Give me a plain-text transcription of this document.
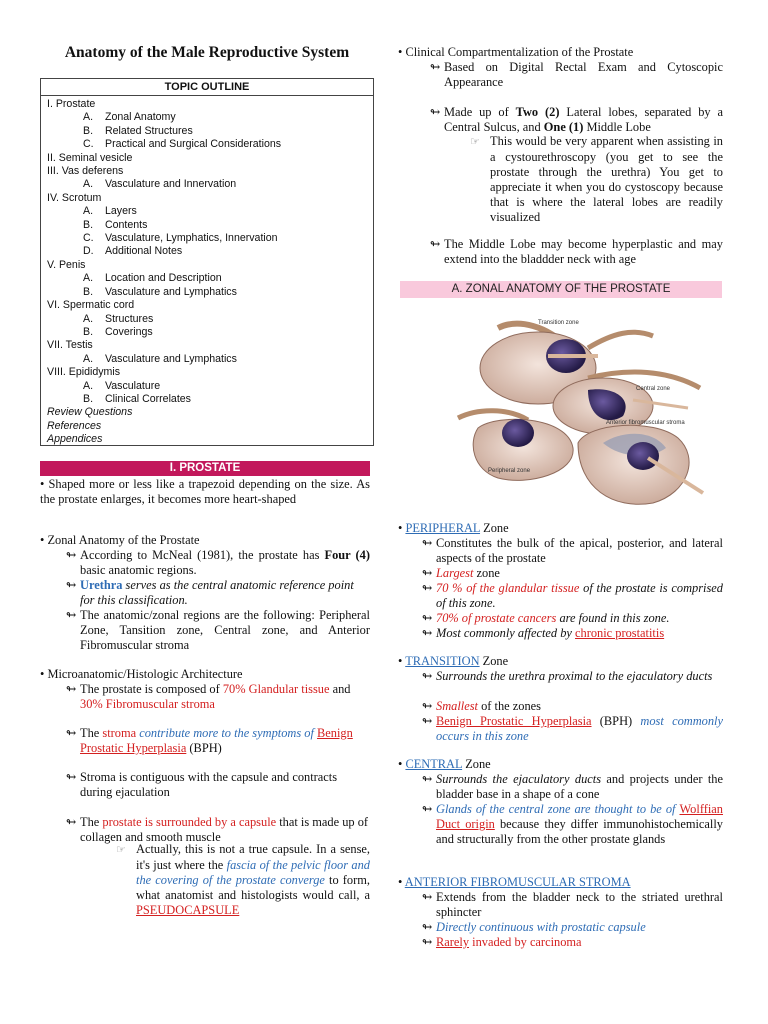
Anatomy of the Male Reproductive System
TOPIC OUTLINE
I. Prostate
A. Zonal Anatomy
B. Related Structures
C. Practical and Surgical Considerations
II. Seminal vesicle
III. Vas deferens
A. Vasculature and Innervation
IV. Scrotum
A. Layers
B. Contents
C. Vasculature, Lymphatics, Innervation
D. Additional Notes
V. Penis
A. Location and Description
B. Vasculature and Lymphatics
VI. Spermatic cord
A. Structures
B. Coverings
VII. Testis
A. Vasculature and Lymphatics
VIII. Epididymis
A. Vasculature
B. Clinical Correlates
Review Questions
References
Appendices
I. PROSTATE
• Shaped more or less like a trapezoid depending on the size. As the prostate enlarges, it becomes more heart-shaped
• Zonal Anatomy of the Prostate
↬ According to McNeal (1981), the prostate has Four (4) basic anatomic regions.
↬ Urethra serves as the central anatomic reference point for this classification.
↬ The anatomic/zonal regions are the following: Peripheral Zone, Tansition zone, Central zone, and Anterior Fibromuscular stroma
• Microanatomic/Histologic Architecture
↬ The prostate is composed of 70% Glandular tissue and 30% Fibromuscular stroma
↬ The stroma contribute more to the symptoms of Benign Prostatic Hyperplasia (BPH)
↬ Stroma is contiguous with the capsule and contracts during ejaculation
↬ The prostate is surrounded by a capsule that is made up of collagen and smooth muscle
☞ Actually, this is not a true capsule. In a sense, it's just where the fascia of the pelvic floor and the covering of the prostate converge to form, what anatomist and histologists would call, a PSEUDOCAPSULE
• Clinical Compartmentalization of the Prostate
↬ Based on Digital Rectal Exam and Cytoscopic Appearance
↬ Made up of Two (2) Lateral lobes, separated by a Central Sulcus, and One (1) Middle Lobe
☞ This would be very apparent when assisting in a cystourethroscopy (you get to see the prostate through the urethra) You get to appreciate it when you do cystoscopy because that is where the lateral lobes are readily visualized
↬ The Middle Lobe may become hyperplastic and may extend into the bladdder neck with age
A. ZONAL ANATOMY OF THE PROSTATE
Transition zone
Central zone
Peripheral zone
Anterior fibromuscular stroma
• PERIPHERAL Zone
↬ Constitutes the bulk of the apical, posterior, and lateral aspects of the prostate
↬ Largest zone
↬ 70 % of the glandular tissue of the prostate is comprised of this zone.
↬ 70% of prostate cancers are found in this zone.
↬ Most commonly affected by chronic prostatitis
• TRANSITION Zone
↬ Surrounds the urethra proximal to the ejaculatory ducts
↬ Smallest of the zones
↬ Benign Prostatic Hyperplasia (BPH) most commonly occurs in this zone
• CENTRAL Zone
↬ Surrounds the ejaculatory ducts and projects under the bladder base in a shape of a cone
↬ Glands of the central zone are thought to be of Wolffian Duct origin because they differ immunohistochemically and structurally from the other prostate glands
• ANTERIOR FIBROMUSCULAR STROMA
↬ Extends from the bladder neck to the striated urethral sphincter
↬ Directly continuous with prostatic capsule
↬ Rarely invaded by carcinoma
